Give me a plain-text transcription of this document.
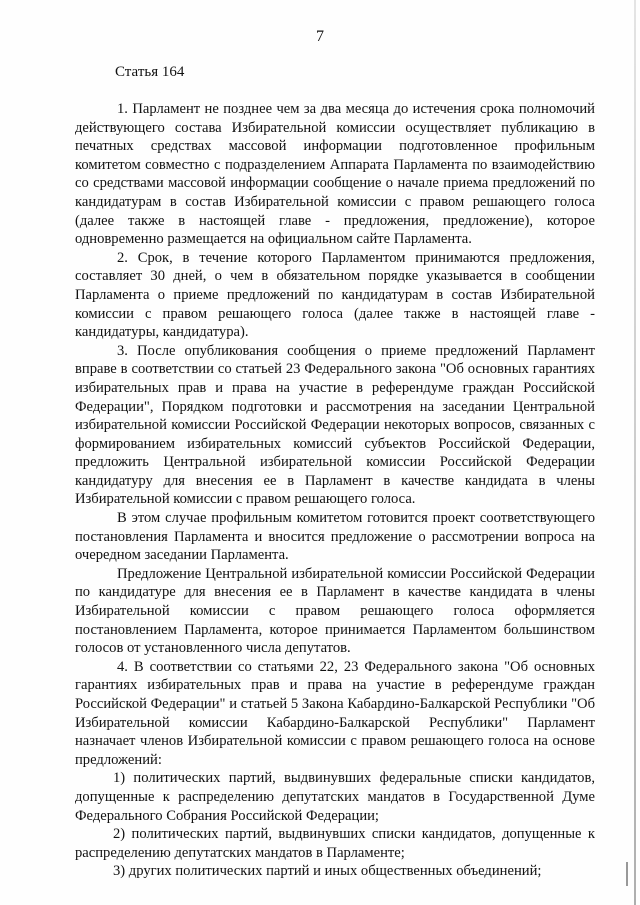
7
Статья 164

1. Парламент не позднее чем за два месяца до истечения срока полномочий действующего состава Избирательной комиссии осуществляет публикацию в печатных средствах массовой информации подготовленное профильным комитетом совместно с подразделением Аппарата Парламента по взаимодействию со средствами массовой информации сообщение о начале приема предложений по кандидатурам в состав Избирательной комиссии с правом решающего голоса (далее также в настоящей главе - предложения, предложение), которое одновременно размещается на официальном сайте Парламента.

2. Срок, в течение которого Парламентом принимаются предложения, составляет 30 дней, о чем в обязательном порядке указывается в сообщении Парламента о приеме предложений по кандидатурам в состав Избирательной комиссии с правом решающего голоса (далее также в настоящей главе - кандидатуры, кандидатура).

3. После опубликования сообщения о приеме предложений Парламент вправе в соответствии со статьей 23 Федерального закона "Об основных гарантиях избирательных прав и права на участие в референдуме граждан Российской Федерации", Порядком подготовки и рассмотрения на заседании Центральной избирательной комиссии Российской Федерации некоторых вопросов, связанных с формированием избирательных комиссий субъектов Российской Федерации, предложить Центральной избирательной комиссии Российской Федерации кандидатуру для внесения ее в Парламент в качестве кандидата в члены Избирательной комиссии с правом решающего голоса.

В этом случае профильным комитетом готовится проект соответствующего постановления Парламента и вносится предложение о рассмотрении вопроса на очередном заседании Парламента.

Предложение Центральной избирательной комиссии Российской Федерации по кандидатуре для внесения ее в Парламент в качестве кандидата в члены Избирательной комиссии с правом решающего голоса оформляется постановлением Парламента, которое принимается Парламентом большинством голосов от установленного числа депутатов.

4. В соответствии со статьями 22, 23 Федерального закона "Об основных гарантиях избирательных прав и права на участие в референдуме граждан Российской Федерации" и статьей 5 Закона Кабардино-Балкарской Республики "Об Избирательной комиссии Кабардино-Балкарской Республики" Парламент назначает членов Избирательной комиссии с правом решающего голоса на основе предложений:

1) политических партий, выдвинувших федеральные списки кандидатов, допущенные к распределению депутатских мандатов в Государственной Думе Федерального Собрания Российской Федерации;

2) политических партий, выдвинувших списки кандидатов, допущенные к распределению депутатских мандатов в Парламенте;

3) других политических партий и иных общественных объединений;
